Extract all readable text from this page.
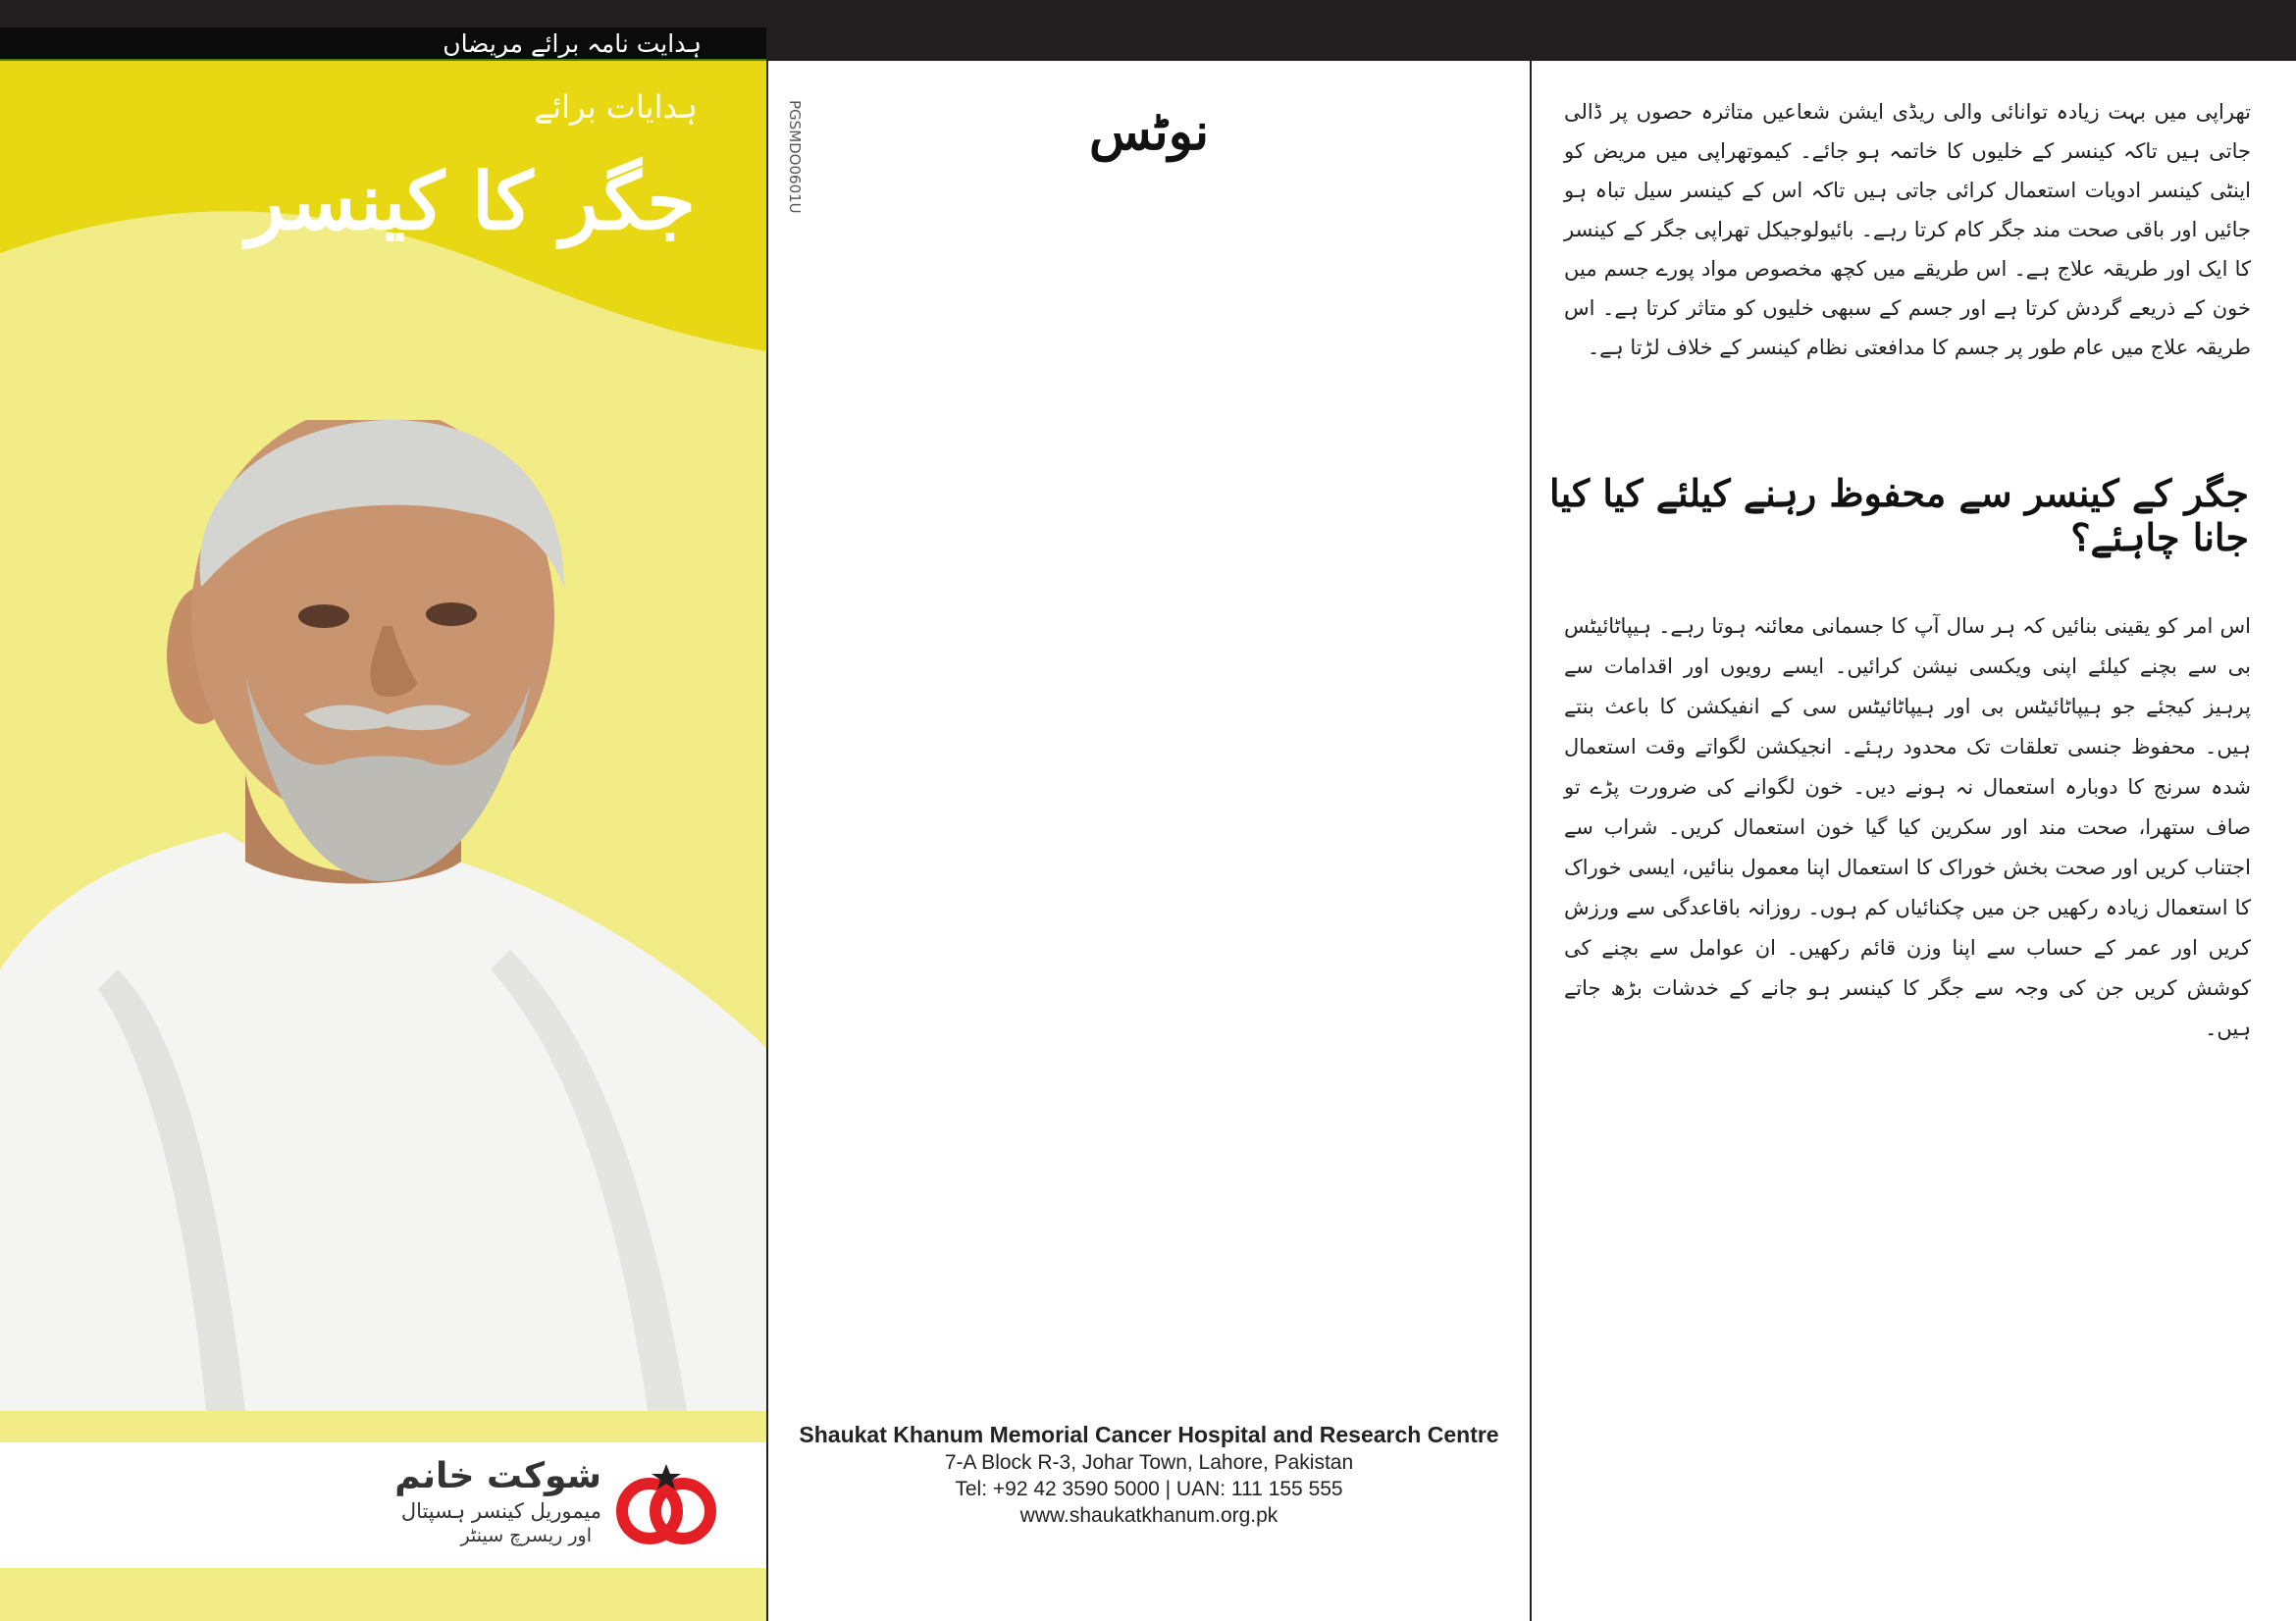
ہدایت نامہ برائے مریضاں
ہدایات برائے
جگر کا کینسر
شوکت خانم
میموریل کینسر ہسپتال
اور ریسرچ سینٹر
PGSMDO0601U	نوٹس
Shaukat Khanum Memorial Cancer Hospital and Research Centre
7-A Block R-3, Johar Town, Lahore, Pakistan
Tel: +92 42 3590 5000 | UAN: 111 155 555
www.shaukatkhanum.org.pk

تھراپی میں بہت زیادہ توانائی والی ریڈی ایشن شعاعیں متاثرہ حصوں پر ڈالی جاتی ہیں تاکہ کینسر کے خلیوں کا خاتمہ ہو جائے۔ کیموتھراپی میں مریض کو اینٹی کینسر ادویات استعمال کرائی جاتی ہیں تاکہ اس کے کینسر سیل تباہ ہو جائیں اور باقی صحت مند جگر کام کرتا رہے۔ بائیولوجیکل تھراپی جگر کے کینسر کا ایک اور طریقہ علاج ہے۔ اس طریقے میں کچھ مخصوص مواد پورے جسم میں خون کے ذریعے گردش کرتا ہے اور جسم کے سبھی خلیوں کو متاثر کرتا ہے۔ اس طریقہ علاج میں عام طور پر جسم کا مدافعتی نظام کینسر کے خلاف لڑتا ہے۔

جگر کے کینسر سے محفوظ رہنے کیلئے کیا کیا جانا چاہئے؟

اس امر کو یقینی بنائیں کہ ہر سال آپ کا جسمانی معائنہ ہوتا رہے۔ ہیپاٹائیٹس بی سے بچنے کیلئے اپنی ویکسی نیشن کرائیں۔ ایسے رویوں اور اقدامات سے پرہیز کیجئے جو ہیپاٹائیٹس بی اور ہیپاٹائیٹس سی کے انفیکشن کا باعث بنتے ہیں۔ محفوظ جنسی تعلقات تک محدود رہئے۔ انجیکشن لگواتے وقت استعمال شدہ سرنج کا دوبارہ استعمال نہ ہونے دیں۔ خون لگوانے کی ضرورت پڑے تو صاف ستھرا، صحت مند اور سکرین کیا گیا خون استعمال کریں۔ شراب سے اجتناب کریں اور صحت بخش خوراک کا استعمال اپنا معمول بنائیں، ایسی خوراک کا استعمال زیادہ رکھیں جن میں چکنائیاں کم ہوں۔ روزانہ باقاعدگی سے ورزش کریں اور عمر کے حساب سے اپنا وزن قائم رکھیں۔ ان عوامل سے بچنے کی کوشش کریں جن کی وجہ سے جگر کا کینسر ہو جانے کے خدشات بڑھ جاتے ہیں۔
